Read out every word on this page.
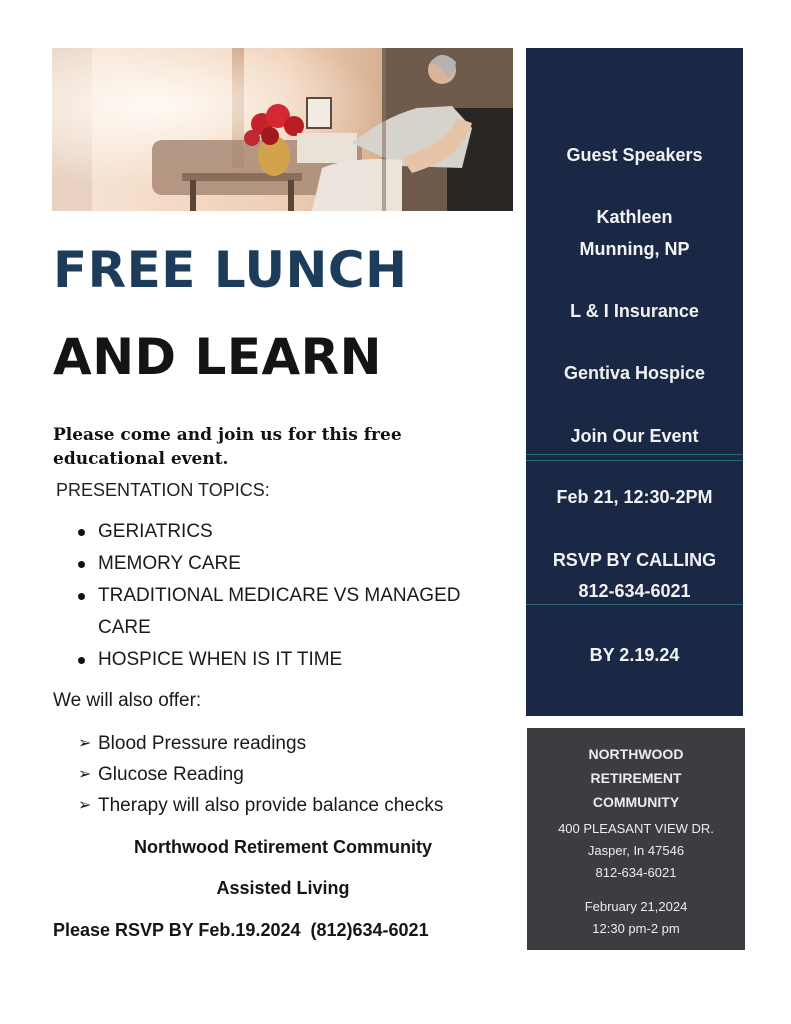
FREE LUNCH
AND LEARN

Please come and join us for this free educational event.

PRESENTATION TOPICS:

GERIATRICS
MEMORY CARE
TRADITIONAL MEDICARE VS MANAGED CARE
HOSPICE WHEN IS IT TIME

We will also offer:

➢ Blood Pressure readings
➢ Glucose Reading
➢ Therapy will also provide balance checks

Northwood Retirement Community

Assisted Living

Please RSVP BY Feb.19.2024  (812)634-6021

Guest Speakers

Kathleen

Munning, NP

L & I Insurance

Gentiva Hospice

Join Our Event

Feb 21, 12:30-2PM

RSVP BY CALLING

812-634-6021

BY 2.19.24

NORTHWOOD
RETIREMENT
COMMUNITY

400 PLEASANT VIEW DR.
Jasper, In 47546
812-634-6021

February 21,2024
12:30 pm-2 pm
